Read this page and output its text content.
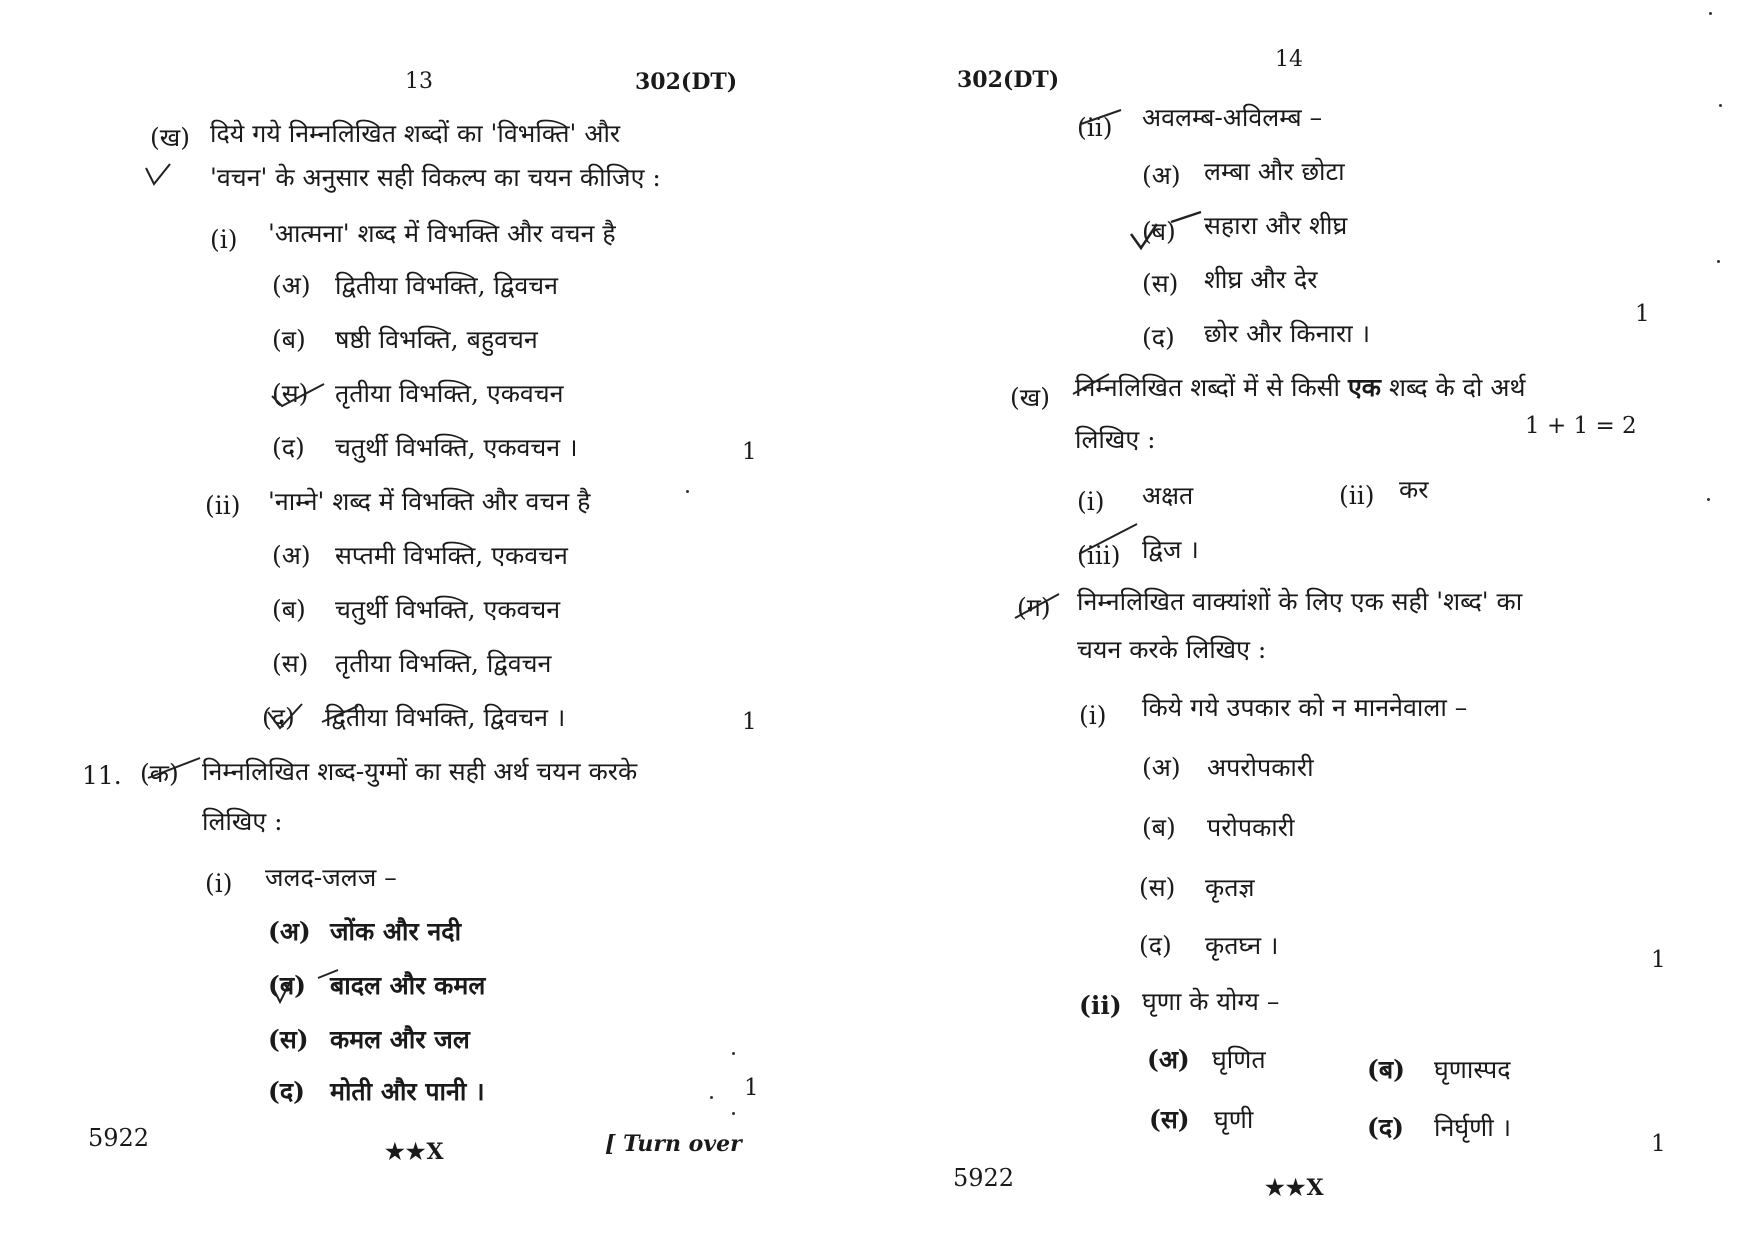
13	302(DT)
(ख) दिये गये निम्नलिखित शब्दों का 'विभक्ति' और
'वचन' के अनुसार सही विकल्प का चयन कीजिए :
(i) 'आत्मना' शब्द में विभक्ति और वचन है
(अ) द्वितीया विभक्ति, द्विवचन
(ब) षष्ठी विभक्ति, बहुवचन
(स) तृतीया विभक्ति, एकवचन
(द) चतुर्थी विभक्ति, एकवचन ।	1
(ii) 'नाम्ने' शब्द में विभक्ति और वचन है
(अ) सप्तमी विभक्ति, एकवचन
(ब) चतुर्थी विभक्ति, एकवचन
(स) तृतीया विभक्ति, द्विवचन
(द) द्वितीया विभक्ति, द्विवचन ।	1
11. (क) निम्नलिखित शब्द-युग्मों का सही अर्थ चयन करके
लिखिए :
(i) जलद-जलज –
(अ) जोंक और नदी
(ब) बादल और कमल
(स) कमल और जल
(द) मोती और पानी ।	1
5922	★★X	[ Turn over
14
302(DT)
(ii) अवलम्ब-अविलम्ब –
(अ) लम्बा और छोटा
(ब) सहारा और शीघ्र
(स) शीघ्र और देर
(द) छोर और किनारा ।
1
(ख) निम्नलिखित शब्दों में से किसी एक शब्द के दो अर्थ
लिखिए :	1 + 1 = 2
(i) अक्षत	(ii) कर
(iii) द्विज ।
(ग) निम्नलिखित वाक्यांशों के लिए एक सही 'शब्द' का
चयन करके लिखिए :
(i) किये गये उपकार को न माननेवाला –
(अ) अपरोपकारी
(ब) परोपकारी
(स) कृतज्ञ
(द) कृतघ्न ।	1
(ii) घृणा के योग्य –
(अ) घृणित	(ब) घृणास्पद
(स) घृणी	(द) निर्घृणी ।
1
5922	★★X
